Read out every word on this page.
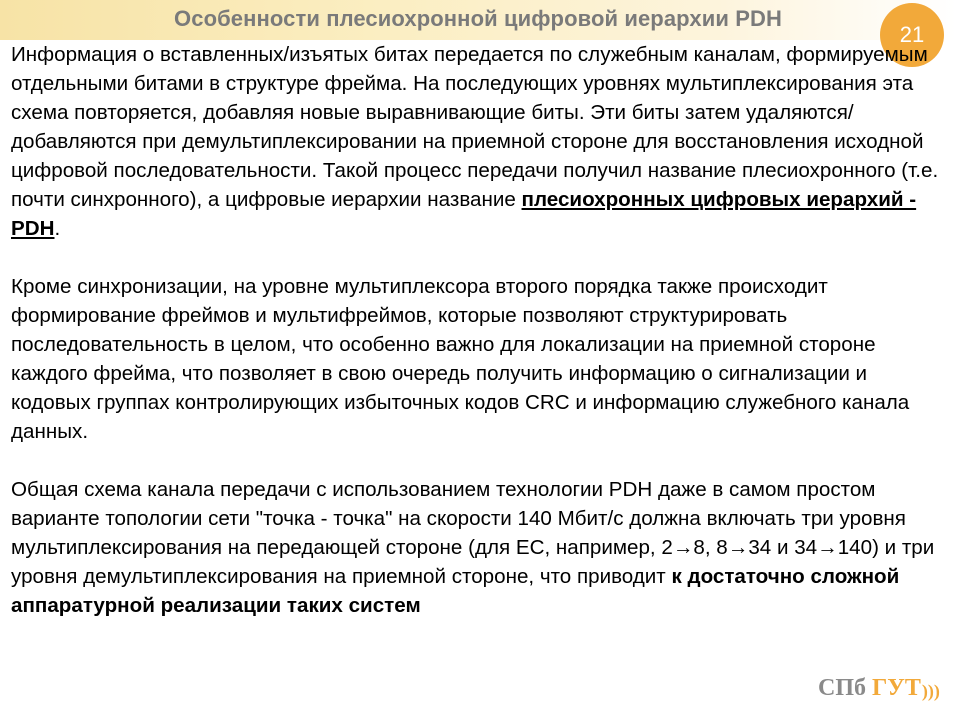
Особенности плесиохронной цифровой иерархии PDH
21

Информация о вставленных/изъятых битах передается по служебным каналам, формируемым отдельными битами в структуре фрейма. На последующих уровнях мультиплексирования эта схема повторяется, добавляя новые выравнивающие биты. Эти биты затем удаляются/добавляются при демультиплексировании на приемной стороне для восстановления исходной цифровой последовательности. Такой процесс передачи получил название плесиохронного (т.е. почти синхронного), а цифровые иерархии название плесиохронных цифровых иерархий - PDH.

Кроме синхронизации, на уровне мультиплексора второго порядка также происходит формирование фреймов и мультифреймов, которые позволяют структурировать последовательность в целом, что особенно важно для локализации на приемной стороне каждого фрейма, что позволяет в свою очередь получить информацию о сигнализации и кодовых группах контролирующих избыточных кодов CRC и информацию служебного канала данных.

Общая схема канала передачи с использованием технологии PDH даже в самом простом варианте топологии сети "точка - точка" на скорости 140 Мбит/с должна включать три уровня мультиплексирования на передающей стороне (для ЕС, например, 2→8, 8→34 и 34→140) и три уровня демультиплексирования на приемной стороне, что приводит к достаточно сложной аппаратурной реализации таких систем

СПб ГУТ )))
